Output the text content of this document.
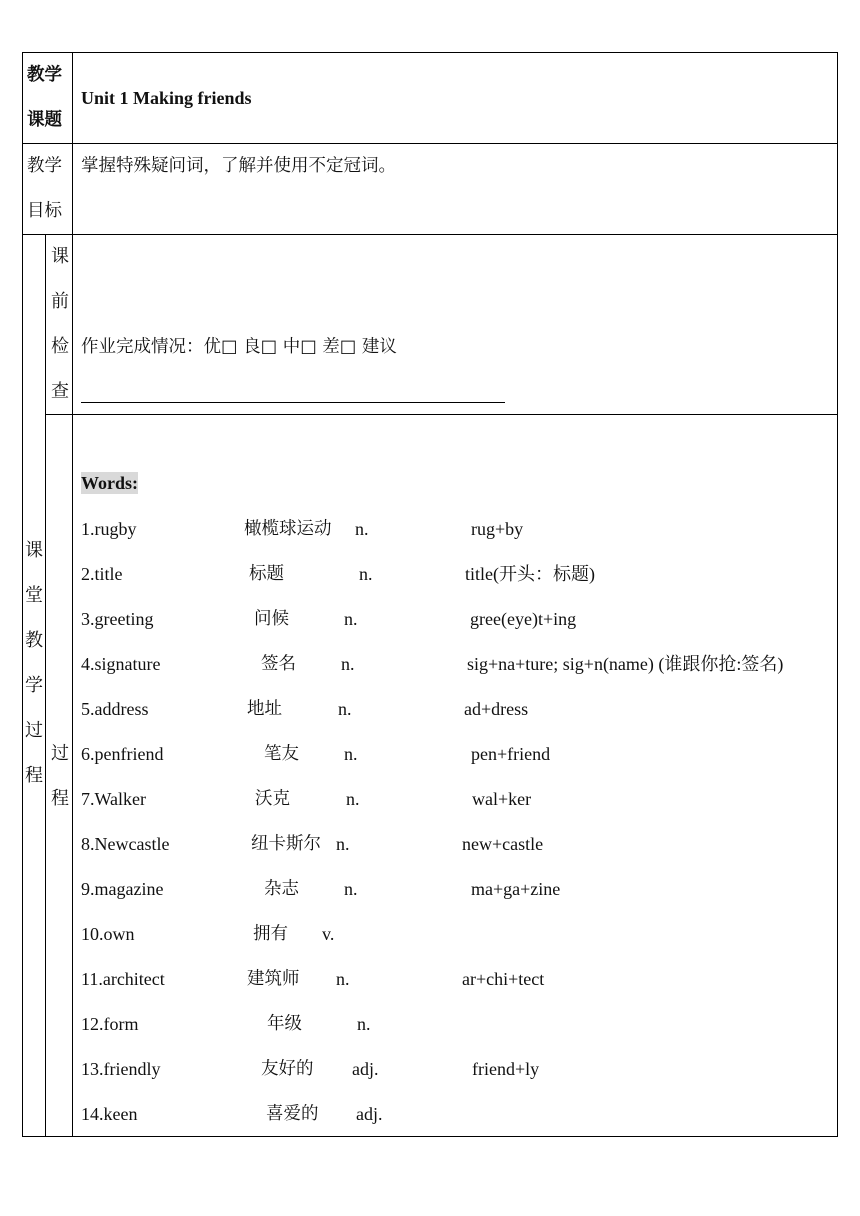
教学
课题
Unit 1 Making friends
教学
目标
掌握特殊疑问词，了解并使用不定冠词。
课
堂
教
学
过
程
课
前
检
查
作业完成情况：优□ 良□ 中□ 差□ 建议
过
程
Words:
1.rugby	橄榄球运动 n.	rug+by
2.title	标题	n.	title(开头：标题)
3.greeting	问候	n.	gree(eye)t+ing
4.signature	签名	n.	sig+na+ture; sig+n(name) (谁跟你抢:签名)
5.address	地址	n.	ad+dress
6.penfriend	笔友	n.	pen+friend
7.Walker	沃克	n.	wal+ker
8.Newcastle	纽卡斯尔 n.	new+castle
9.magazine	杂志	n.	ma+ga+zine
10.own	拥有 v.
11.architect	建筑师 n.	ar+chi+tect
12.form	年级	n.
13.friendly	友好的 adj.	friend+ly
14.keen	喜爱的 adj.
